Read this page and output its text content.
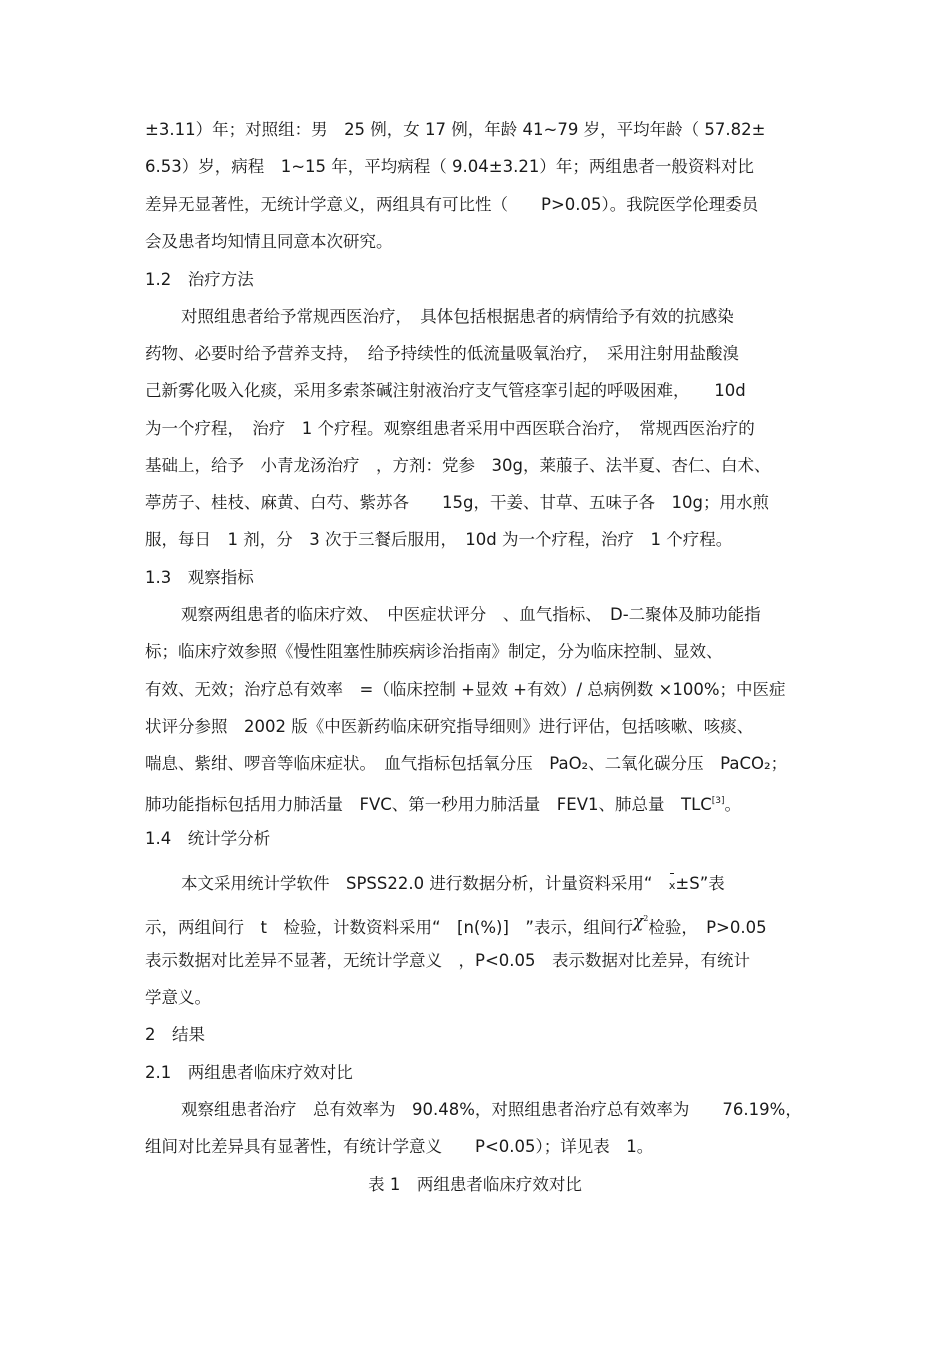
±3.11）年；对照组：男　25 例，女 17 例，年龄 41~79 岁，平均年龄（ 57.82±
6.53）岁，病程　1~15 年，平均病程（ 9.04±3.21）年；两组患者一般资料对比
差异无显著性，无统计学意义，两组具有可比性（　　P>0.05）。我院医学伦理委员
会及患者均知情且同意本次研究。
1.2　治疗方法
对照组患者给予常规西医治疗，　具体包括根据患者的病情给予有效的抗感染
药物、必要时给予营养支持，　给予持续性的低流量吸氧治疗，　采用注射用盐酸溴
己新雾化吸入化痰，采用多索茶碱注射液治疗支气管痉挛引起的呼吸困难，　　10d
为一个疗程，　治疗　1 个疗程。观察组患者采用中西医联合治疗，　常规西医治疗的
基础上，给予　小青龙汤治疗　，方剂：党参　30g，莱菔子、法半夏、杏仁、白术、
葶苈子、桂枝、麻黄、白芍、紫苏各　　15g，干姜、甘草、五味子各　10g；用水煎
服，每日　1 剂，分　3 次于三餐后服用，　10d 为一个疗程，治疗　1 个疗程。
1.3　观察指标
观察两组患者的临床疗效、　中医症状评分　、血气指标、　D-二聚体及肺功能指
标；临床疗效参照《慢性阻塞性肺疾病诊治指南》制定，分为临床控制、显效、
有效、无效；治疗总有效率　=（临床控制 +显效 +有效）/ 总病例数 ×100%；中医症
状评分参照　2002 版《中医新药临床研究指导细则》进行评估，包括咳嗽、咳痰、
喘息、紫绀、啰音等临床症状。　血气指标包括氧分压　PaO₂、二氧化碳分压　PaCO₂；
肺功能指标包括用力肺活量　FVC、第一秒用力肺活量　FEV1、肺总量　TLC[3]。
1.4　统计学分析
本文采用统计学软件　SPSS22.0 进行数据分析，计量资料采用“　x±S”表
示，两组间行　t　检验，计数资料采用“　[n(%)]　”表示，组间行$\chi^2$检验，　P>0.05
表示数据对比差异不显著，无统计学意义　，P<0.05　表示数据对比差异，有统计
学意义。
2　结果
2.1　两组患者临床疗效对比
观察组患者治疗　总有效率为　90.48%，对照组患者治疗总有效率为　　76.19%，
组间对比差异具有显著性，有统计学意义　　P<0.05）；详见表　1。
表 1　两组患者临床疗效对比
